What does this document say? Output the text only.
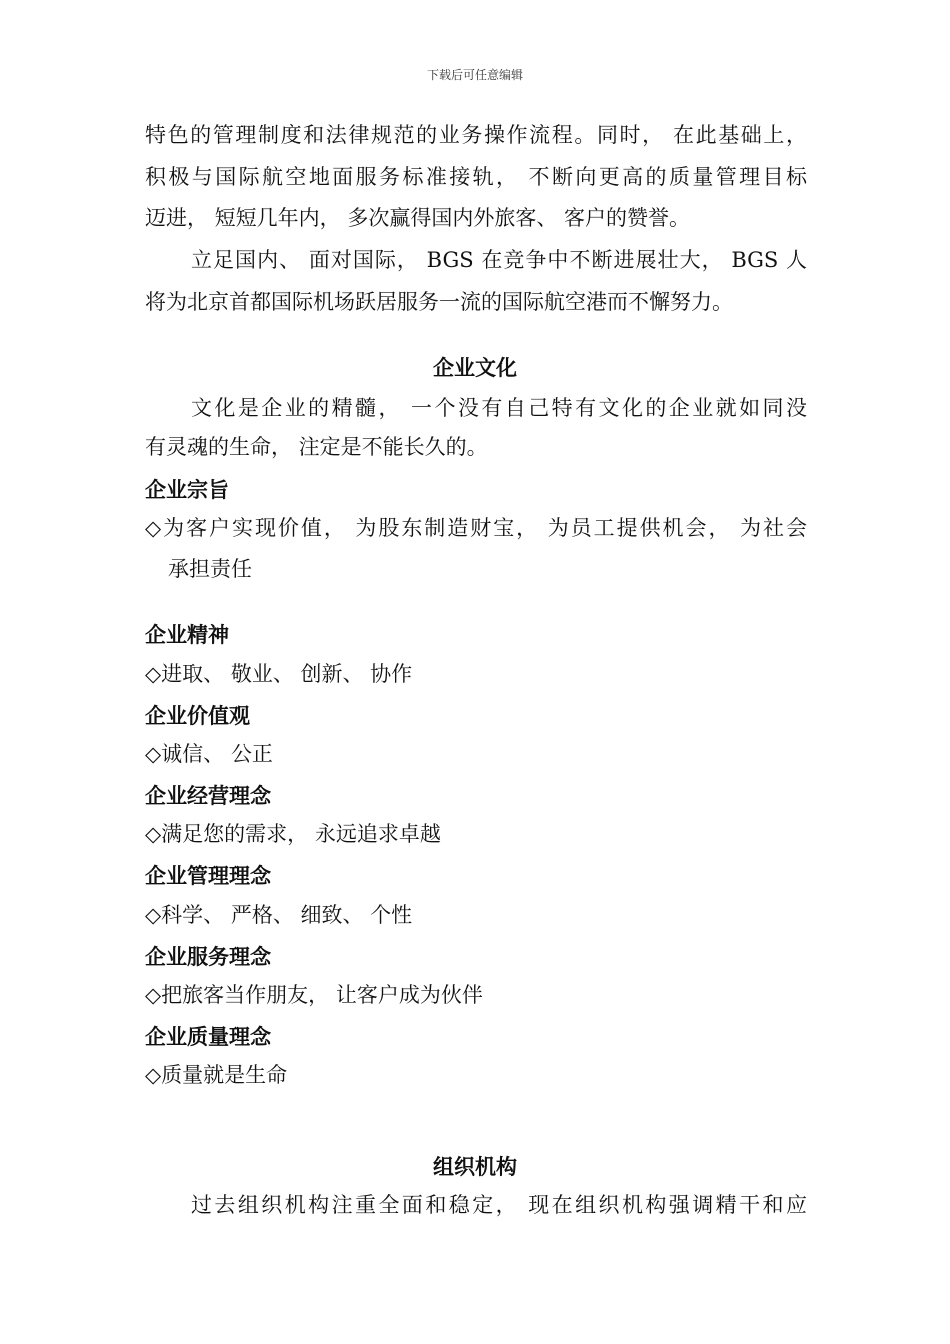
下载后可任意编辑
特色的管理制度和法律规范的业务操作流程。同时， 在此基础上，
积极与国际航空地面服务标准接轨， 不断向更高的质量管理目标
迈进， 短短几年内， 多次赢得国内外旅客、 客户的赞誉。
立足国内、 面对国际， BGS 在竞争中不断进展壮大， BGS 人
将为北京首都国际机场跃居服务一流的国际航空港而不懈努力。
企业文化
文化是企业的精髓， 一个没有自己特有文化的企业就如同没
有灵魂的生命， 注定是不能长久的。
企业宗旨
◇为客户实现价值， 为股东制造财宝， 为员工提供机会， 为社会
承担责任
企业精神
◇进取、 敬业、 创新、 协作
企业价值观
◇诚信、 公正
企业经营理念
◇满足您的需求， 永远追求卓越
企业管理理念
◇科学、 严格、 细致、 个性
企业服务理念
◇把旅客当作朋友， 让客户成为伙伴
企业质量理念
◇质量就是生命
组织机构
过去组织机构注重全面和稳定， 现在组织机构强调精干和应
